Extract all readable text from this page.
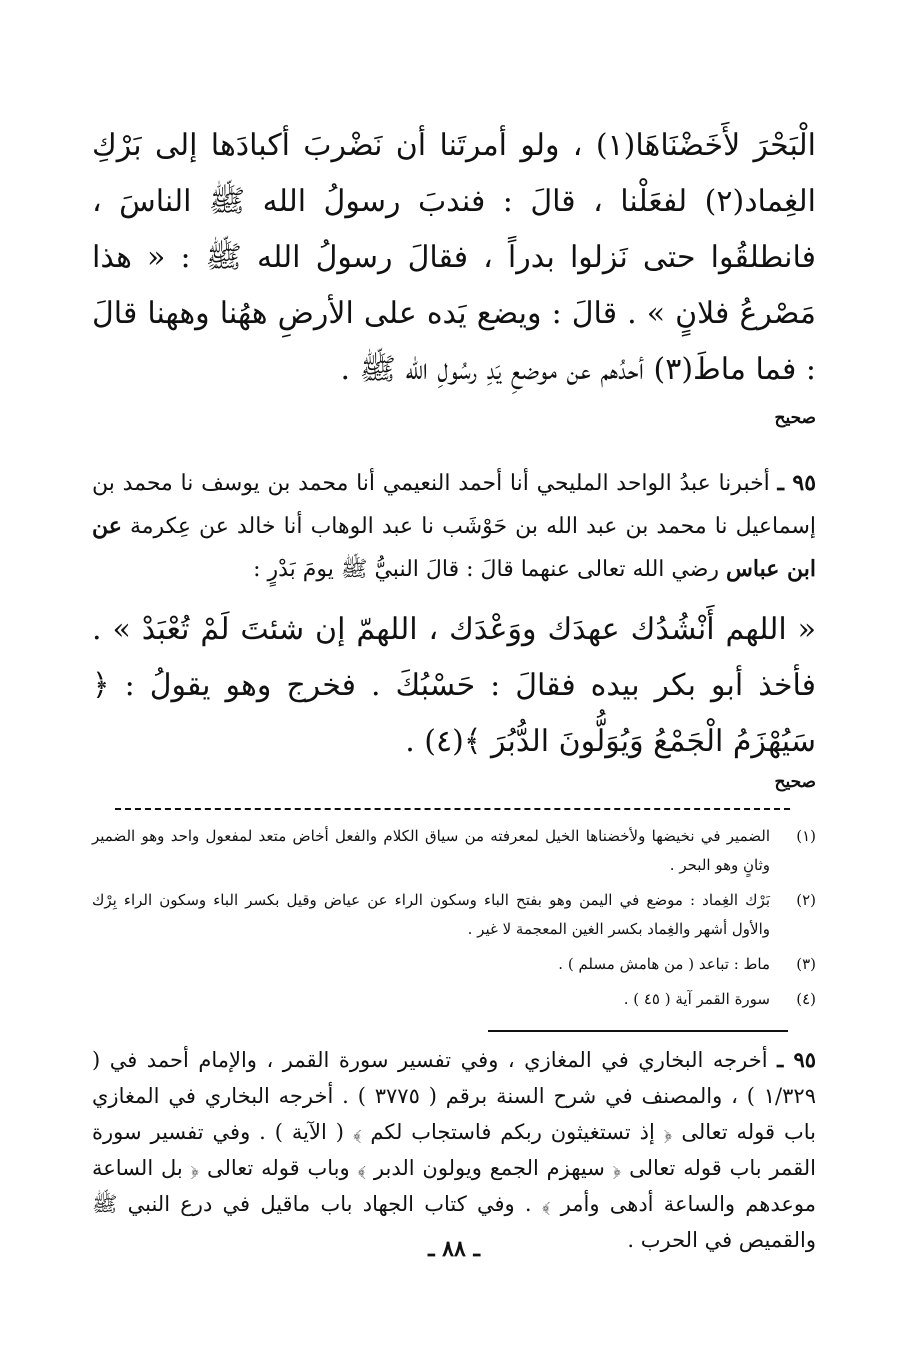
الْبَحْرَ لأَخَضْنَاهَا(١) ، ولو أمرتَنا أن نَضْربَ أكبادَها إلى بَرْكِ الغِماد(٢) لفعَلْنا ، قالَ : فندبَ رسولُ الله ﷺ الناسَ ، فانطلقُوا حتى نَزلوا بدراً ، فقالَ رسولُ الله ﷺ : « هذا مَصْرعُ فلانٍ » . قالَ : ويضع يَده على الأرضِ ههُنا وههنا قالَ : فما ماطَ(٣) أحدُهم عن موضعِ يَدِ رسُولِ الله ﷺ .
صحيح
٩٥ ـ أخبرنا عبدُ الواحد المليحي أنا أحمد النعيمي أنا محمد بن يوسف نا محمد بن إسماعيل نا محمد بن عبد الله بن حَوْشَب نا عبد الوهاب أنا خالد عن عِكرمة عن ابن عباس رضي الله تعالى عنهما قالَ : قالَ النبيُّ ﷺ يومَ بَدْرٍ :
« اللهم أَنْشُدُك عهدَك ووَعْدَك ، اللهمّ إن شئتَ لَمْ تُعْبَدْ » . فأخذ أبو بكر بيده فقالَ : حَسْبُكَ . فخرج وهو يقولُ : ﴿ سَيُهْزَمُ الْجَمْعُ وَيُوَلُّونَ الدُّبُرَ ﴾(٤) .
صحيح
(١)
الضمير في نخيضها ولأخضناها الخيل لمعرفته من سياق الكلام والفعل أخاض متعد لمفعول واحد وهو الضمير وثانٍ وهو البحر .
(٢)
بَرْك الغِماد : موضع في اليمن وهو بفتح الباء وسكون الراء عن عياض وقيل بكسر الباء وسكون الراء بِرْك والأول أشهر والغِماد بكسر الغين المعجمة لا غير .
(٣)
ماط : تباعد ( من هامش مسلم ) .
(٤)
سورة القمر آية ( ٤٥ ) .
٩٥ ـ أخرجه البخاري في المغازي ، وفي تفسير سورة القمر ، والإمام أحمد في ( ١/٣٢٩ ) ، والمصنف في شرح السنة برقم ( ٣٧٧٥ ) . أخرجه البخاري في المغازي باب قوله تعالى ﴿ إذ تستغيثون ربكم فاستجاب لكم ﴾ ( الآية ) . وفي تفسير سورة القمر باب قوله تعالى ﴿ سيهزم الجمع ويولون الدبر ﴾ وباب قوله تعالى ﴿ بل الساعة موعدهم والساعة أدهى وأمر ﴾ . وفي كتاب الجهاد باب ماقيل في درع النبي ﷺ والقميص في الحرب .
ـ ٨٨ ـ
